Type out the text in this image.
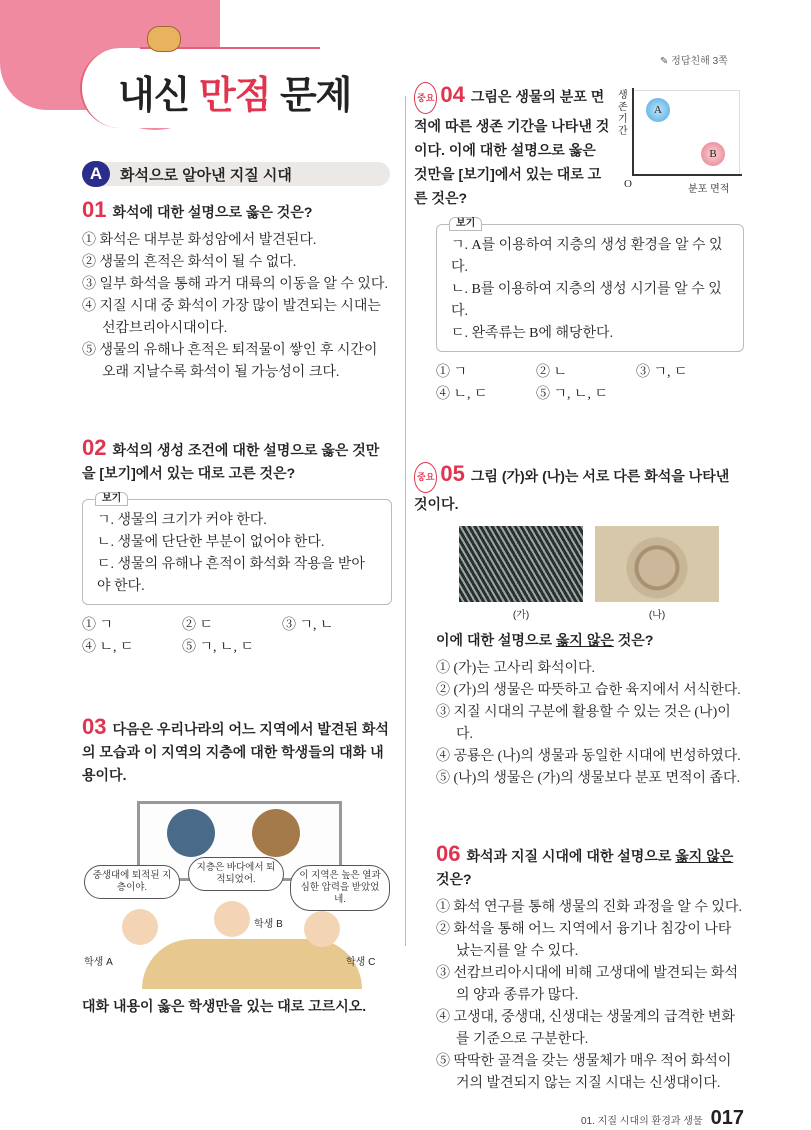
내신 만점 문제
✎ 정답친해 3쪽
A	화석으로 알아낸 지질 시대
01 화석에 대한 설명으로 옳은 것은?
① 화석은 대부분 화성암에서 발견된다.
② 생물의 흔적은 화석이 될 수 없다.
③ 일부 화석을 통해 과거 대륙의 이동을 알 수 있다.
④ 지질 시대 중 화석이 가장 많이 발견되는 시대는 선캄브리아시대이다.
⑤ 생물의 유해나 흔적은 퇴적물이 쌓인 후 시간이 오래 지날수록 화석이 될 가능성이 크다.
02 화석의 생성 조건에 대한 설명으로 옳은 것만을 [보기]에서 있는 대로 고른 것은?
보기
ㄱ. 생물의 크기가 커야 한다.
ㄴ. 생물에 단단한 부분이 없어야 한다.
ㄷ. 생물의 유해나 흔적이 화석화 작용을 받아야 한다.
① ㄱ	② ㄷ	③ ㄱ, ㄴ
④ ㄴ, ㄷ	⑤ ㄱ, ㄴ, ㄷ
03 다음은 우리나라의 어느 지역에서 발견된 화석의 모습과 이 지역의 지층에 대한 학생들의 대화 내용이다.
중생대에 퇴적된 지층이야.
지층은 바다에서 퇴적되었어.	이 지역은 높은 열과 심한 압력을 받았었네.
학생 A
학생 B
학생 C
대화 내용이 옳은 학생만을 있는 대로 고르시오.
중요 04 그림은 생물의 분포 면적에 따른 생존 기간을 나타낸 것이다. 이에 대한 설명으로 옳은 것만을 [보기]에서 있는 대로 고른 것은?
생존 기간
A
B
O	분포 면적
보기
ㄱ. A를 이용하여 지층의 생성 환경을 알 수 있다.
ㄴ. B를 이용하여 지층의 생성 시기를 알 수 있다.
ㄷ. 완족류는 B에 해당한다.
① ㄱ	② ㄴ	③ ㄱ, ㄷ
④ ㄴ, ㄷ	⑤ ㄱ, ㄴ, ㄷ
중요 05 그림 (가)와 (나)는 서로 다른 화석을 나타낸 것이다.
(가)	(나)
이에 대한 설명으로 옳지 않은 것은?
① (가)는 고사리 화석이다.
② (가)의 생물은 따뜻하고 습한 육지에서 서식한다.
③ 지질 시대의 구분에 활용할 수 있는 것은 (나)이다.
④ 공룡은 (나)의 생물과 동일한 시대에 번성하였다.
⑤ (나)의 생물은 (가)의 생물보다 분포 면적이 좁다.
06 화석과 지질 시대에 대한 설명으로 옳지 않은 것은?
① 화석 연구를 통해 생물의 진화 과정을 알 수 있다.
② 화석을 통해 어느 지역에서 융기나 침강이 나타났는지를 알 수 있다.
③ 선캄브리아시대에 비해 고생대에 발견되는 화석의 양과 종류가 많다.
④ 고생대, 중생대, 신생대는 생물계의 급격한 변화를 기준으로 구분한다.
⑤ 딱딱한 골격을 갖는 생물체가 매우 적어 화석이 거의 발견되지 않는 지질 시대는 신생대이다.
01. 지질 시대의 환경과 생물 017
